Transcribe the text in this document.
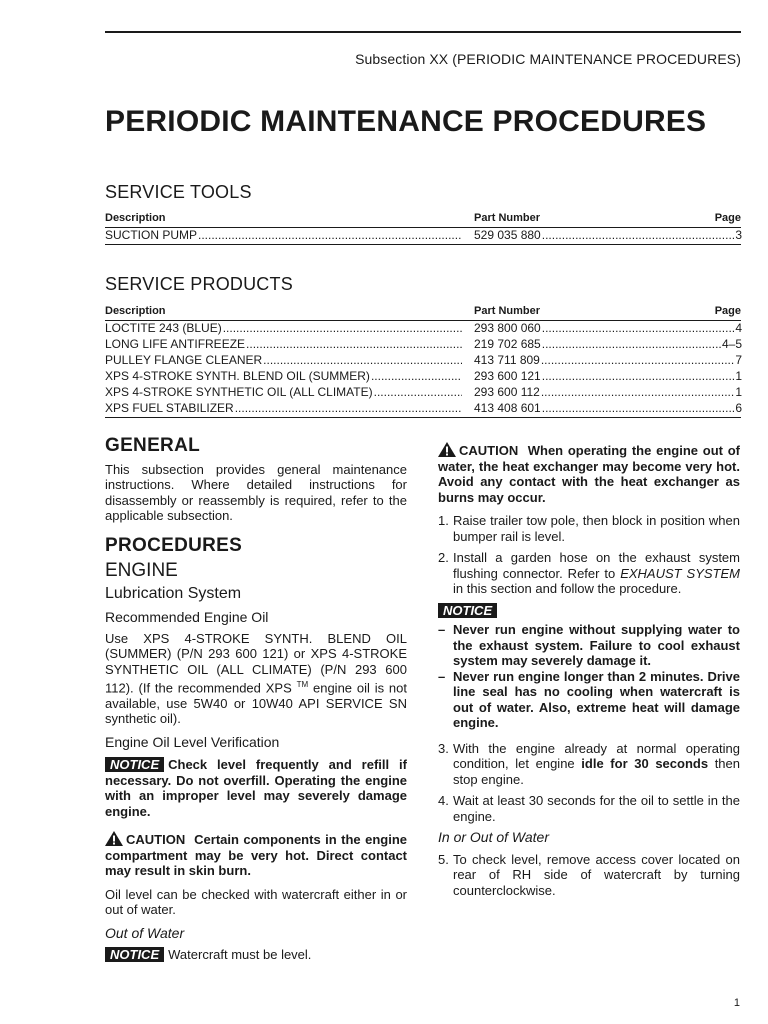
Subsection XX (PERIODIC MAINTENANCE PROCEDURES)
PERIODIC MAINTENANCE PROCEDURES
SERVICE TOOLS
Description	Part Number	Page
SUCTION PUMP .....	529 035 880 .....	3
SERVICE PRODUCTS
Description	Part Number	Page
LOCTITE 243 (BLUE) .....	293 800 060 .....	4
LONG LIFE ANTIFREEZE .....	219 702 685 .....	4–5
PULLEY FLANGE CLEANER .....	413 711 809 .....	7
XPS 4-STROKE SYNTH. BLEND OIL (SUMMER) .....	293 600 121 .....	1
XPS 4-STROKE SYNTHETIC OIL (ALL CLIMATE) .....	293 600 112 .....	1
XPS FUEL STABILIZER .....	413 408 601 .....	6
GENERAL
This subsection provides general maintenance instructions. Where detailed instructions for disassembly or reassembly is required, refer to the applicable subsection.
PROCEDURES
ENGINE
Lubrication System
Recommended Engine Oil
Use XPS 4-STROKE SYNTH. BLEND OIL (SUMMER) (P/N 293 600 121) or XPS 4-STROKE SYNTHETIC OIL (ALL CLIMATE) (P/N 293 600 112). (If the recommended XPS ™ engine oil is not available, use 5W40 or 10W40 API SERVICE SN synthetic oil).
Engine Oil Level Verification
NOTICE Check level frequently and refill if necessary. Do not overfill. Operating the engine with an improper level may severely damage engine.
CAUTION Certain components in the engine compartment may be very hot. Direct contact may result in skin burn.
Oil level can be checked with watercraft either in or out of water.
Out of Water
NOTICE Watercraft must be level.
CAUTION When operating the engine out of water, the heat exchanger may become very hot. Avoid any contact with the heat exchanger as burns may occur.
1. Raise trailer tow pole, then block in position when bumper rail is level.
2. Install a garden hose on the exhaust system flushing connector. Refer to EXHAUST SYSTEM in this section and follow the procedure.
NOTICE
– Never run engine without supplying water to the exhaust system. Failure to cool exhaust system may severely damage it.
– Never run engine longer than 2 minutes. Drive line seal has no cooling when watercraft is out of water. Also, extreme heat will damage engine.
3. With the engine already at normal operating condition, let engine idle for 30 seconds then stop engine.
4. Wait at least 30 seconds for the oil to settle in the engine.
In or Out of Water
5. To check level, remove access cover located on rear of RH side of watercraft by turning counterclockwise.
1
